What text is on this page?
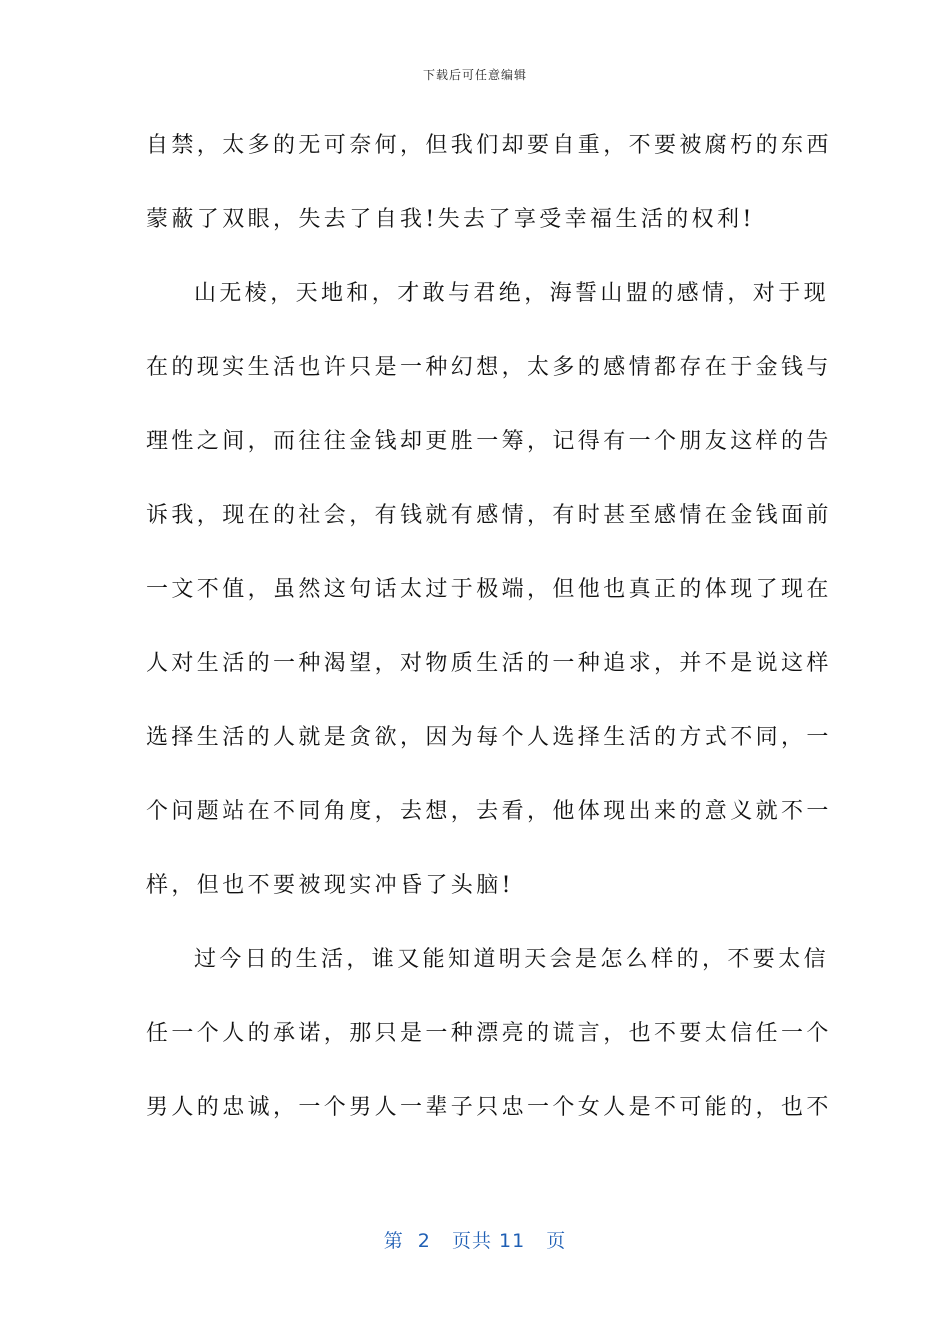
下载后可任意编辑
自禁，太多的无可奈何，但我们却要自重，不要被腐朽的东西
蒙蔽了双眼，失去了自我!失去了享受幸福生活的权利!
山无棱，天地和，才敢与君绝，海誓山盟的感情，对于现
在的现实生活也许只是一种幻想，太多的感情都存在于金钱与
理性之间，而往往金钱却更胜一筹，记得有一个朋友这样的告
诉我，现在的社会，有钱就有感情，有时甚至感情在金钱面前
一文不值，虽然这句话太过于极端，但他也真正的体现了现在
人对生活的一种渴望，对物质生活的一种追求，并不是说这样
选择生活的人就是贪欲，因为每个人选择生活的方式不同，一
个问题站在不同角度，去想，去看，他体现出来的意义就不一
样，但也不要被现实冲昏了头脑!
过今日的生活，谁又能知道明天会是怎么样的，不要太信
任一个人的承诺，那只是一种漂亮的谎言，也不要太信任一个
男人的忠诚，一个男人一辈子只忠一个女人是不可能的，也不
第  2   页共 11   页
